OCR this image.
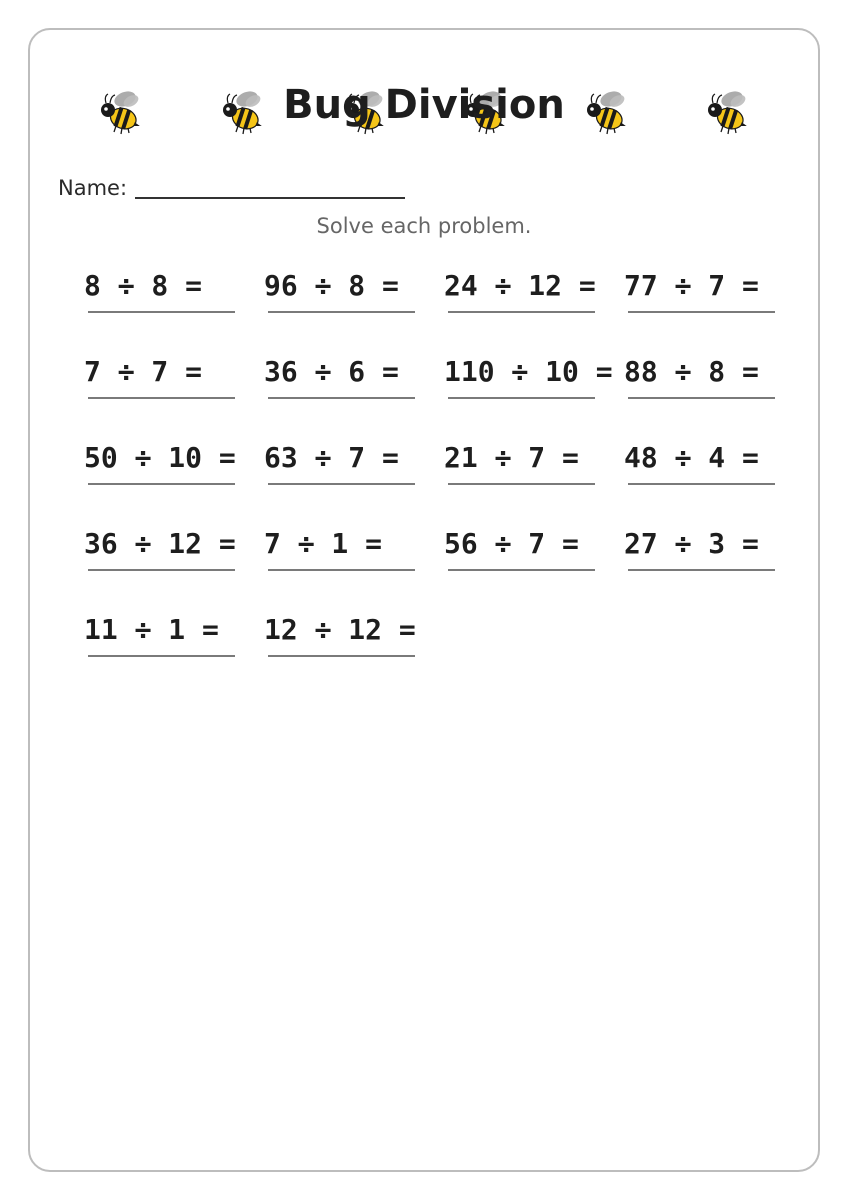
Bug Division
Name:
Solve each problem.
8 ÷ 8 = 96 ÷ 8 = 24 ÷ 12 = 77 ÷ 7 =
7 ÷ 7 = 36 ÷ 6 = 110 ÷ 10 = 88 ÷ 8 =
50 ÷ 10 = 63 ÷ 7 = 21 ÷ 7 = 48 ÷ 4 =
36 ÷ 12 = 7 ÷ 1 = 56 ÷ 7 = 27 ÷ 3 =
11 ÷ 1 = 12 ÷ 12 =
